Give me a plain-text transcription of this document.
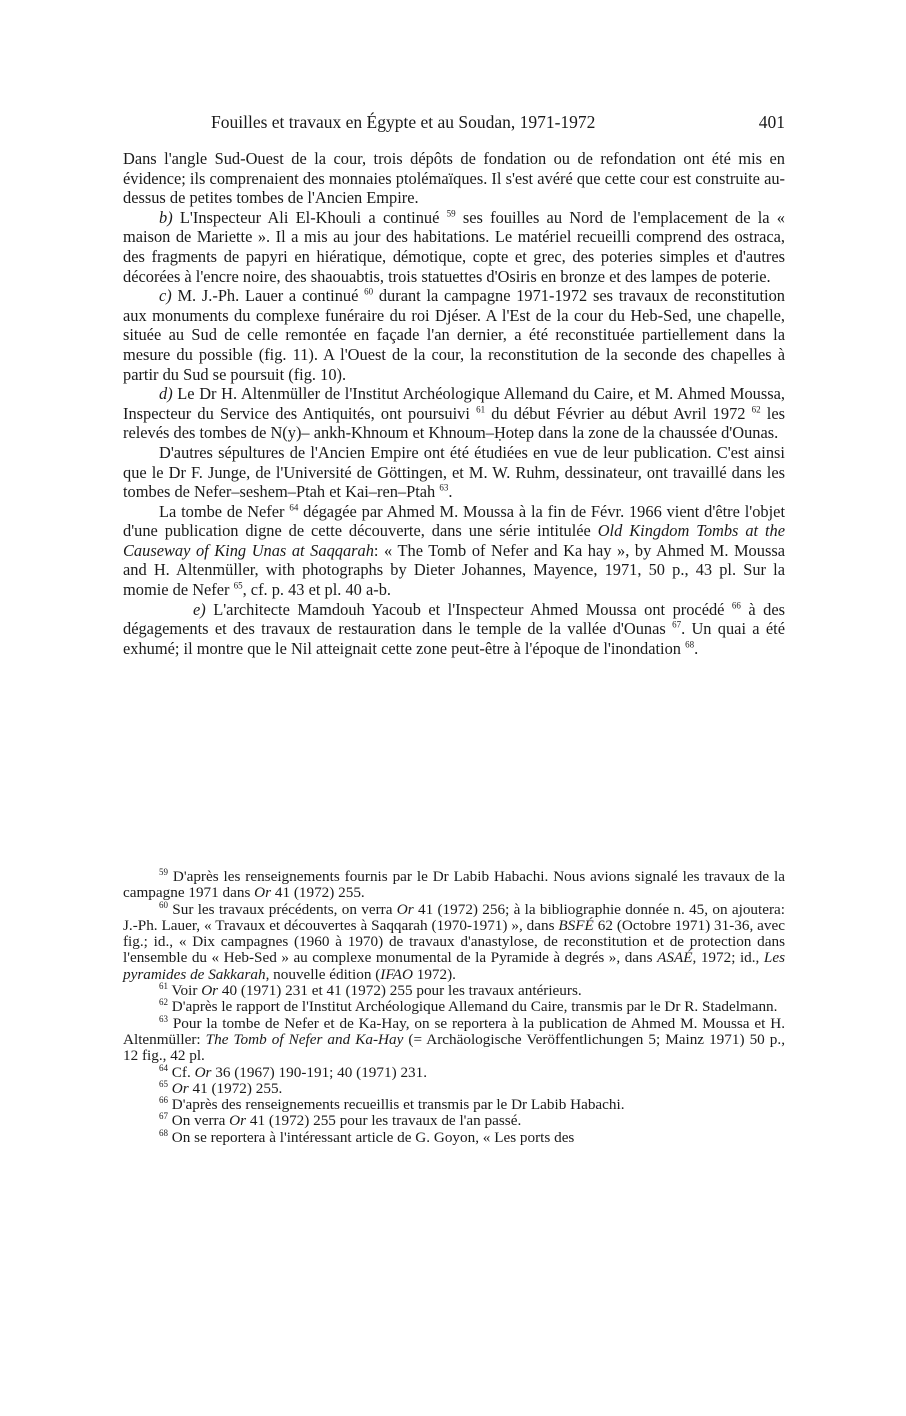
Fouilles et travaux en Égypte et au Soudan, 1971-1972	401

Dans l'angle Sud-Ouest de la cour, trois dépôts de fondation ou de refondation ont été mis en évidence; ils comprenaient des monnaies ptolémaïques. Il s'est avéré que cette cour est construite au-dessus de petites tombes de l'Ancien Empire.

b) L'Inspecteur Ali El-Khouli a continué $^{59}$ ses fouilles au Nord de l'emplacement de la « maison de Mariette ». Il a mis au jour des habitations. Le matériel recueilli comprend des ostraca, des fragments de papyri en hiératique, démotique, copte et grec, des poteries simples et d'autres décorées à l'encre noire, des shaouabtis, trois statuettes d'Osiris en bronze et des lampes de poterie.

c) M. J.-Ph. Lauer a continué $^{60}$ durant la campagne 1971-1972 ses travaux de reconstitution aux monuments du complexe funéraire du roi Djéser. A l'Est de la cour du Heb-Sed, une chapelle, située au Sud de celle remontée en façade l'an dernier, a été reconstituée partiellement dans la mesure du possible (fig. 11). A l'Ouest de la cour, la reconstitution de la seconde des chapelles à partir du Sud se poursuit (fig. 10).

d) Le Dr H. Altenmüller de l'Institut Archéologique Allemand du Caire, et M. Ahmed Moussa, Inspecteur du Service des Antiquités, ont poursuivi $^{61}$ du début Février au début Avril 1972 $^{62}$ les relevés des tombes de N(y)– ankh-Khnoum et Khnoum–Ḥotep dans la zone de la chaussée d'Ounas.

D'autres sépultures de l'Ancien Empire ont été étudiées en vue de leur publication. C'est ainsi que le Dr F. Junge, de l'Université de Göttingen, et M. W. Ruhm, dessinateur, ont travaillé dans les tombes de Nefer–seshem–Ptah et Kai–ren–Ptah $^{63}$.

La tombe de Nefer $^{64}$ dégagée par Ahmed M. Moussa à la fin de Févr. 1966 vient d'être l'objet d'une publication digne de cette découverte, dans une série intitulée Old Kingdom Tombs at the Causeway of King Unas at Saqqarah: « The Tomb of Nefer and Ka hay », by Ahmed M. Moussa and H. Altenmüller, with photographs by Dieter Johannes, Mayence, 1971, 50 p., 43 pl. Sur la momie de Nefer $^{65}$, cf. p. 43 et pl. 40 a-b.

e) L'architecte Mamdouh Yacoub et l'Inspecteur Ahmed Moussa ont procédé $^{66}$ à des dégagements et des travaux de restauration dans le temple de la vallée d'Ounas $^{67}$. Un quai a été exhumé; il montre que le Nil atteignait cette zone peut-être à l'époque de l'inondation $^{68}$.

$^{59}$ D'après les renseignements fournis par le Dr Labib Habachi. Nous avions signalé les travaux de la campagne 1971 dans Or 41 (1972) 255.

$^{60}$ Sur les travaux précédents, on verra Or 41 (1972) 256; à la bibliographie donnée n. 45, on ajoutera: J.-Ph. Lauer, « Travaux et découvertes à Saqqarah (1970-1971) », dans BSFÉ 62 (Octobre 1971) 31-36, avec fig.; id., « Dix campagnes (1960 à 1970) de travaux d'anastylose, de reconstitution et de protection dans l'ensemble du « Heb-Sed » au complexe monumental de la Pyramide à degrés », dans ASAÉ, 1972; id., Les pyramides de Sakkarah, nouvelle édition (IFAO 1972).

$^{61}$ Voir Or 40 (1971) 231 et 41 (1972) 255 pour les travaux antérieurs.

$^{62}$ D'après le rapport de l'Institut Archéologique Allemand du Caire, transmis par le Dr R. Stadelmann.

$^{63}$ Pour la tombe de Nefer et de Ka-Hay, on se reportera à la publication de Ahmed M. Moussa et H. Altenmüller: The Tomb of Nefer and Ka-Hay (= Archäologische Veröffentlichungen 5; Mainz 1971) 50 p., 12 fig., 42 pl.

$^{64}$ Cf. Or 36 (1967) 190-191; 40 (1971) 231.

$^{65}$ Or 41 (1972) 255.

$^{66}$ D'après des renseignements recueillis et transmis par le Dr Labib Habachi.

$^{67}$ On verra Or 41 (1972) 255 pour les travaux de l'an passé.

$^{68}$ On se reportera à l'intéressant article de G. Goyon, « Les ports des
